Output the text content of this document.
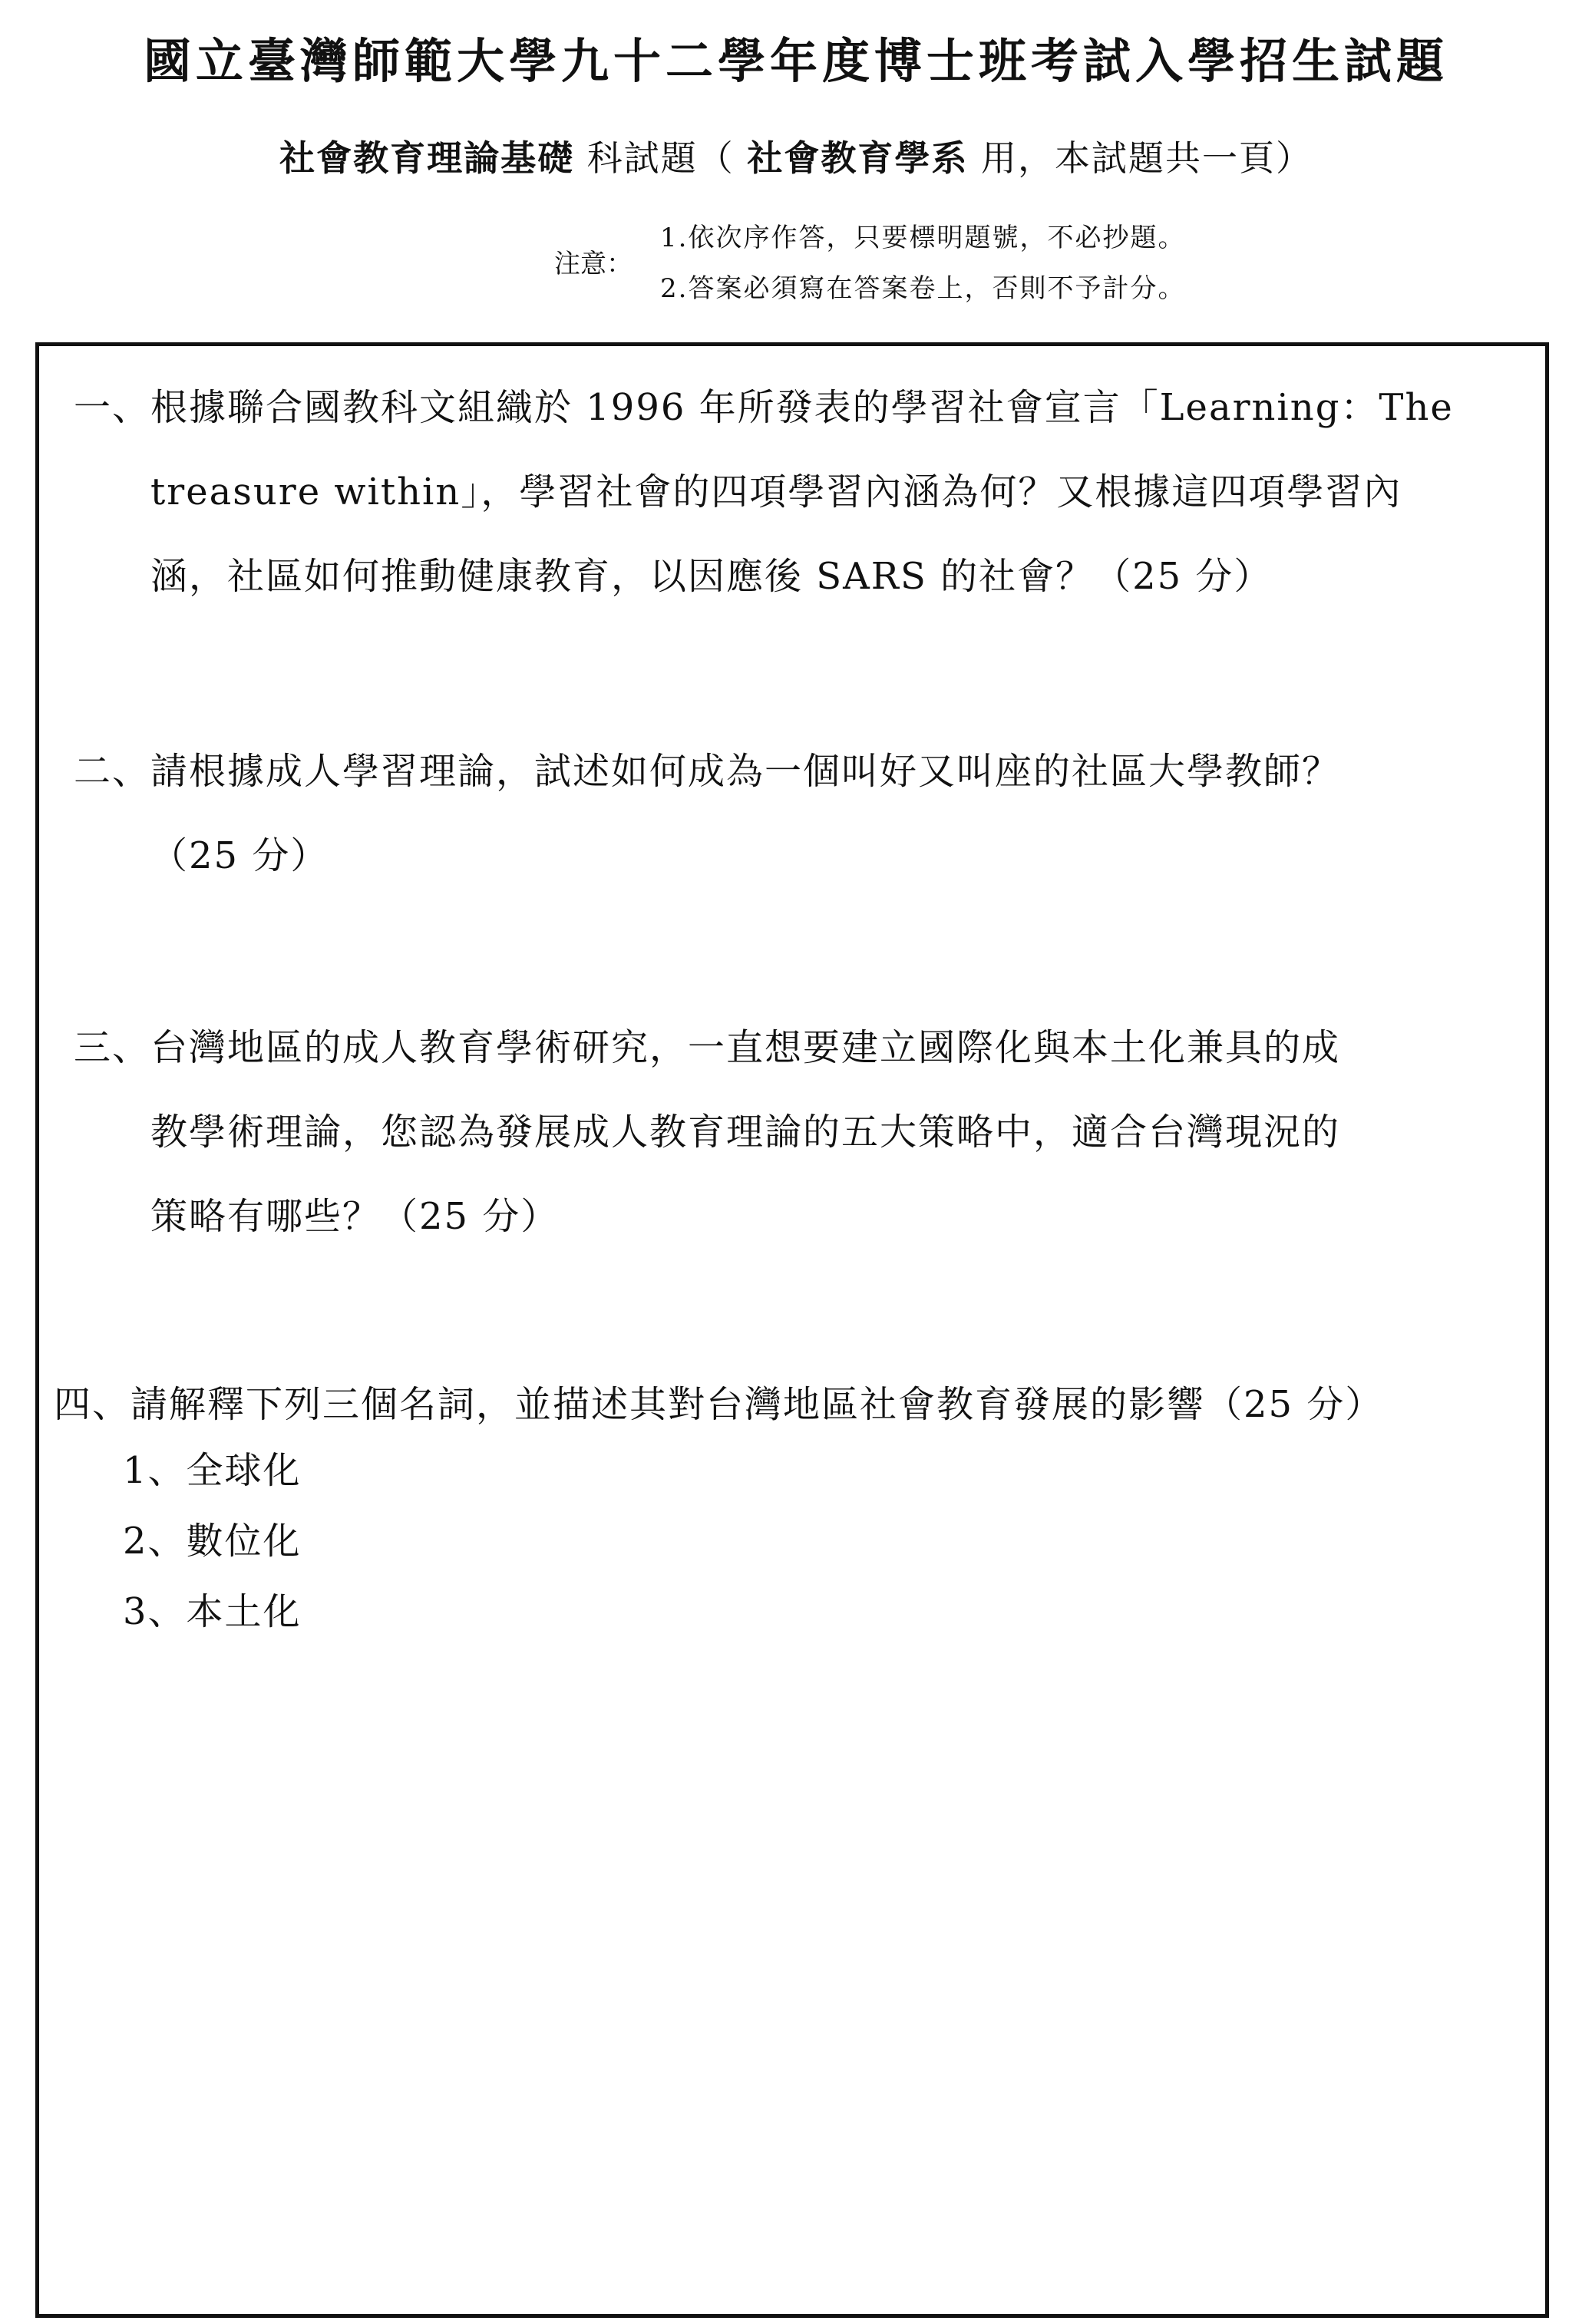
國立臺灣師範大學九十二學年度博士班考試入學招生試題
社會教育理論基礎 科試題（ 社會教育學系 用，本試題共一頁）
注意：
1.依次序作答，只要標明題號，不必抄題。
2.答案必須寫在答案卷上，否則不予計分。
一、 根據聯合國教科文組織於 1996 年所發表的學習社會宣言「Learning：The
treasure within」，學習社會的四項學習內涵為何？又根據這四項學習內
涵，社區如何推動健康教育，以因應後 SARS 的社會？（25 分）
二、 請根據成人學習理論，試述如何成為一個叫好又叫座的社區大學教師？
（25 分）
三、 台灣地區的成人教育學術研究，一直想要建立國際化與本土化兼具的成
教學術理論，您認為發展成人教育理論的五大策略中，適合台灣現況的
策略有哪些？（25 分）
四、 請解釋下列三個名詞，並描述其對台灣地區社會教育發展的影響（25 分）
1、全球化
2、數位化
3、本土化
